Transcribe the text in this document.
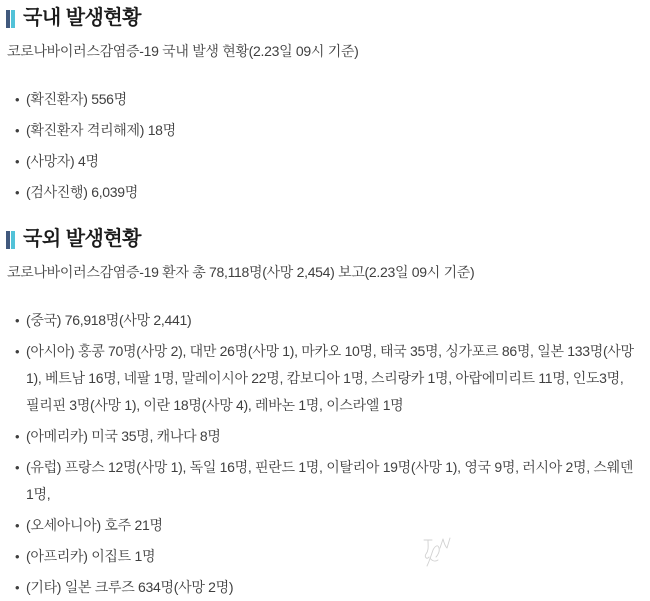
국내 발생현황

코로나바이러스감염증-19 국내 발생 현황(2.23일 09시 기준)

• (확진환자) 556명
• (확진환자 격리해제) 18명
• (사망자) 4명
• (검사진행) 6,039명
국외 발생현황

코로나바이러스감염증-19 환자 총 78,118명(사망 2,454) 보고(2.23일 09시 기준)

• (중국) 76,918명(사망 2,441)
• (아시아) 홍콩 70명(사망 2), 대만 26명(사망 1), 마카오 10명, 태국 35명, 싱가포르 86명, 일본 133명(사망 1), 베트남 16명, 네팔 1명, 말레이시아 22명, 캄보디아 1명, 스리랑카 1명, 아랍에미리트 11명, 인도3명, 필리핀 3명(사망 1), 이란 18명(사망 4), 레바논 1명, 이스라엘 1명
• (아메리카) 미국 35명, 캐나다 8명
• (유럽) 프랑스 12명(사망 1), 독일 16명, 핀란드 1명, 이탈리아 19명(사망 1), 영국 9명, 러시아 2명, 스웨덴 1명,
• (오세아니아) 호주 21명
• (아프리카) 이집트 1명
• (기타) 일본 크루즈 634명(사망 2명)
